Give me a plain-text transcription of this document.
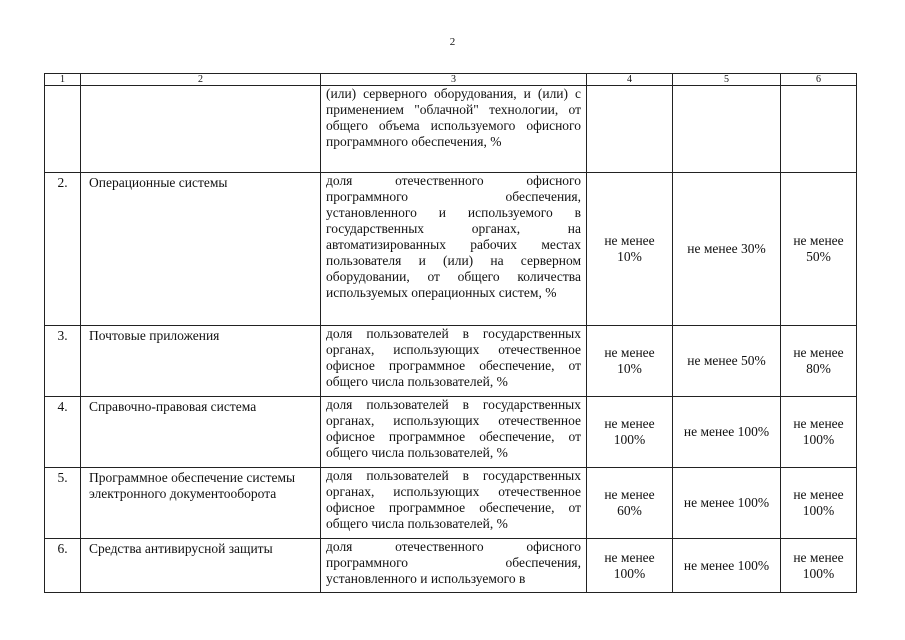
2
1	2	3	4	5	6

		(или) серверного оборудования, и (или) с применением "облачной" технологии, от общего объема используемого офисного программного обеспечения, %			

2.	Операционные системы	доля отечественного офисного программного обеспечения, установленного и используемого в государственных органах, на автоматизированных рабочих местах пользователя и (или) на серверном оборудовании, от общего количества используемых операционных систем, %	не менее 10%	не менее 30%	не менее 50%
3.	Почтовые приложения	доля пользователей в государственных органах, использующих отечественное офисное программное обеспечение, от общего числа пользователей, %	не менее 10%	не менее 50%	не менее 80%
4.	Справочно-правовая система	доля пользователей в государственных органах, использующих отечественное офисное программное обеспечение, от общего числа пользователей, %	не менее 100%	не менее 100%	не менее 100%
5.	Программное обеспечение системы электронного документооборота	доля пользователей в государственных органах, использующих отечественное офисное программное обеспечение, от общего числа пользователей, %	не менее 60%	не менее 100%	не менее 100%
6.	Средства антивирусной защиты	доля отечественного офисного программного обеспечения, установленного и используемого в	не менее 100%	не менее 100%	не менее 100%
